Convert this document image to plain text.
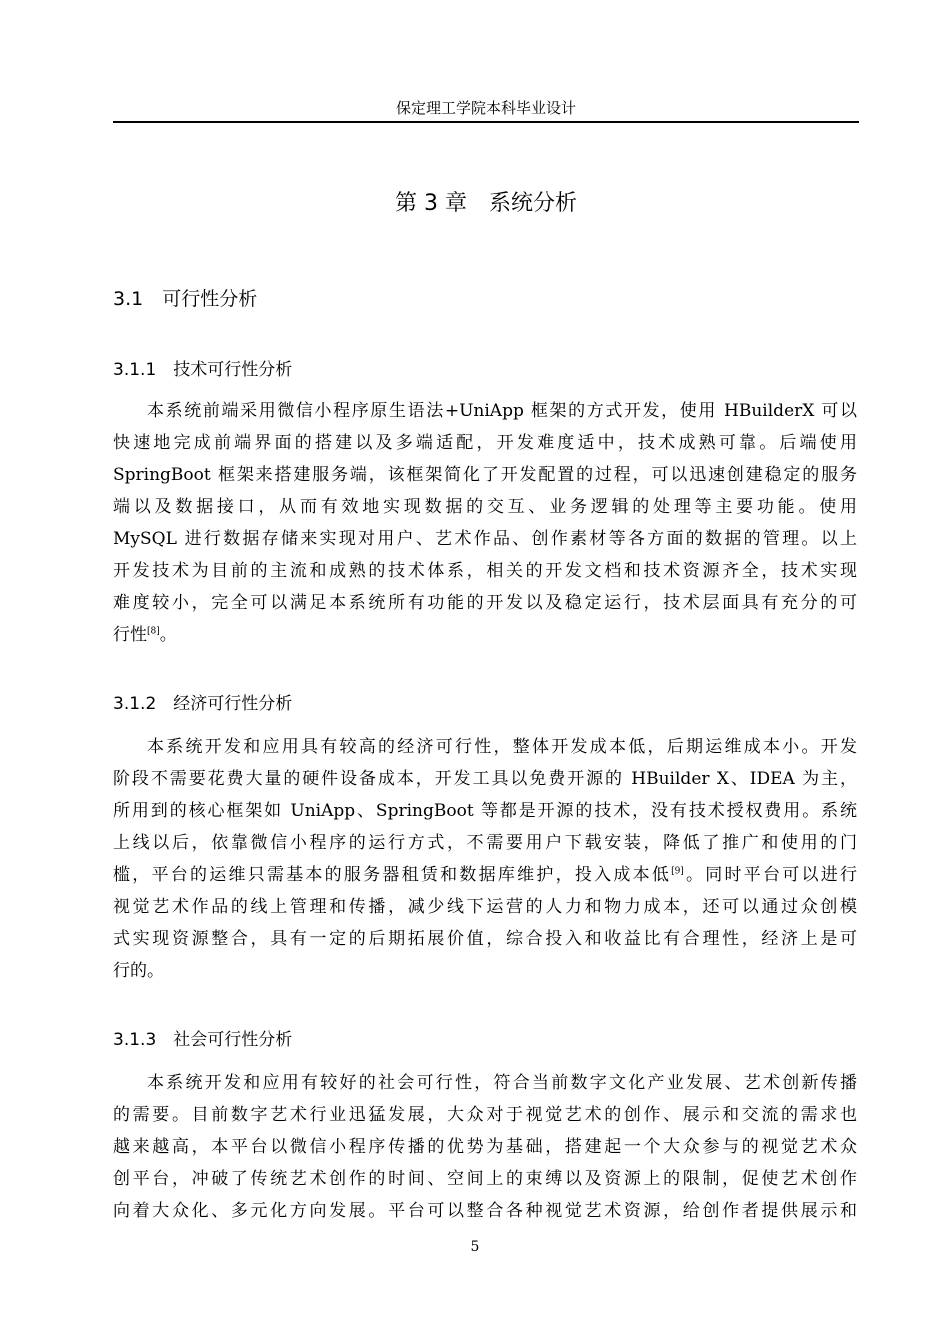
保定理工学院本科毕业设计
第 3 章　系统分析
3.1　可行性分析
3.1.1　技术可行性分析
本系统前端采用微信小程序原生语法+UniApp 框架的方式开发，使用 HBuilderX 可以
快速地完成前端界面的搭建以及多端适配，开发难度适中，技术成熟可靠。后端使用
SpringBoot 框架来搭建服务端，该框架简化了开发配置的过程，可以迅速创建稳定的服务
端以及数据接口，从而有效地实现数据的交互、业务逻辑的处理等主要功能。使用
MySQL 进行数据存储来实现对用户、艺术作品、创作素材等各方面的数据的管理。以上
开发技术为目前的主流和成熟的技术体系，相关的开发文档和技术资源齐全，技术实现
难度较小，完全可以满足本系统所有功能的开发以及稳定运行，技术层面具有充分的可
行性[8]。
3.1.2　经济可行性分析
本系统开发和应用具有较高的经济可行性，整体开发成本低，后期运维成本小。开发
阶段不需要花费大量的硬件设备成本，开发工具以免费开源的 HBuilder X、IDEA 为主，
所用到的核心框架如 UniApp、SpringBoot 等都是开源的技术，没有技术授权费用。系统
上线以后，依靠微信小程序的运行方式，不需要用户下载安装，降低了推广和使用的门
槛，平台的运维只需基本的服务器租赁和数据库维护，投入成本低[9]。同时平台可以进行
视觉艺术作品的线上管理和传播，减少线下运营的人力和物力成本，还可以通过众创模
式实现资源整合，具有一定的后期拓展价值，综合投入和收益比有合理性，经济上是可
行的。
3.1.3　社会可行性分析
本系统开发和应用有较好的社会可行性，符合当前数字文化产业发展、艺术创新传播
的需要。目前数字艺术行业迅猛发展，大众对于视觉艺术的创作、展示和交流的需求也
越来越高，本平台以微信小程序传播的优势为基础，搭建起一个大众参与的视觉艺术众
创平台，冲破了传统艺术创作的时间、空间上的束缚以及资源上的限制，促使艺术创作
向着大众化、多元化方向发展。平台可以整合各种视觉艺术资源，给创作者提供展示和
5
